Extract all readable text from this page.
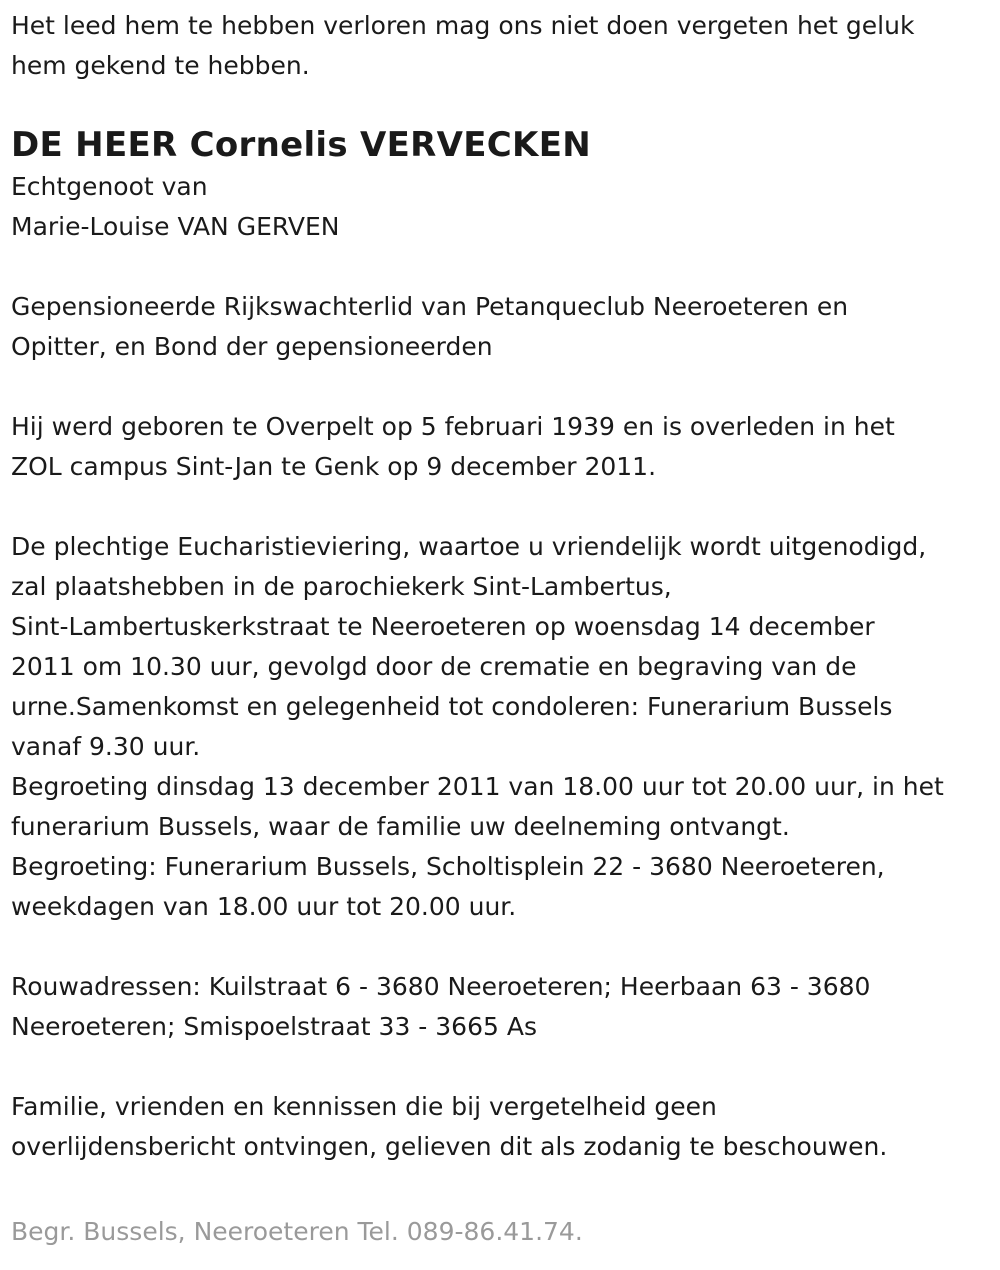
Het leed hem te hebben verloren mag ons niet doen vergeten het geluk
hem gekend te hebben.

DE HEER Cornelis VERVECKEN

Echtgenoot van

Marie-Louise VAN GERVEN

Gepensioneerde Rijkswachterlid van Petanqueclub Neeroeteren en
Opitter, en Bond der gepensioneerden

Hij werd geboren te Overpelt op 5 februari 1939 en is overleden in het
ZOL campus Sint-Jan te Genk op 9 december 2011.

De plechtige Eucharistieviering, waartoe u vriendelijk wordt uitgenodigd,
zal plaatshebben in de parochiekerk Sint-Lambertus,
Sint-Lambertuskerkstraat te Neeroeteren op woensdag 14 december
2011 om 10.30 uur, gevolgd door de crematie en begraving van de
urne.Samenkomst en gelegenheid tot condoleren: Funerarium Bussels
vanaf 9.30 uur.

Begroeting dinsdag 13 december 2011 van 18.00 uur tot 20.00 uur, in het
funerarium Bussels, waar de familie uw deelneming ontvangt.

Begroeting: Funerarium Bussels, Scholtisplein 22 - 3680 Neeroeteren,
weekdagen van 18.00 uur tot 20.00 uur.

Rouwadressen: Kuilstraat 6 - 3680 Neeroeteren; Heerbaan 63 - 3680
Neeroeteren; Smispoelstraat 33 - 3665 As

Familie, vrienden en kennissen die bij vergetelheid geen
overlijdensbericht ontvingen, gelieven dit als zodanig te beschouwen.

Begr. Bussels, Neeroeteren Tel. 089-86.41.74.
